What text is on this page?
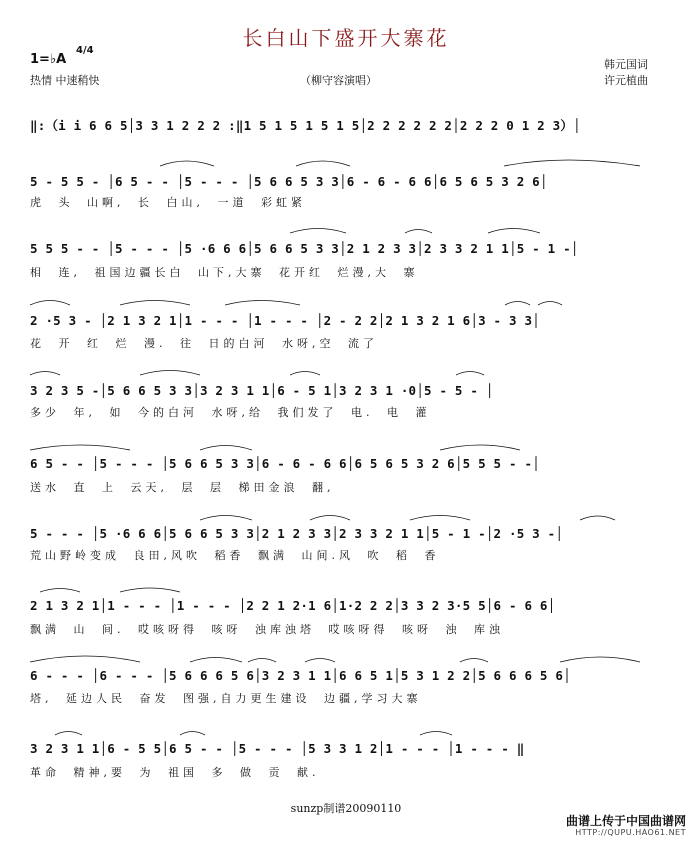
长白山下盛开大寨花
1=♭A
4/4
热情 中速稍快	（柳守容演唱）
韩元国词
许元植曲
‖:（i i 6 6 5│3 3 1 2 2 2 :‖1 5 1 5 1 5 1 5│2 2 2 2 2 2│2 2 2 0 1 2 3）│
5 - 5 5 - │6 5 - - │5 - - - │5 6 6 5 3 3│6 - 6 - 6 6│6 5 6 5 3 2 6│
虎 头 山啊, 长 白山, 一道 彩虹紧
5 5 5 - - │5 - - - │5 ·6 6 6│5 6 6 5 3 3│2 1 2 3 3│2 3 3 2 1 1│5 - 1 -│
相 连, 祖国边疆长白 山下,大寨 花开红 烂漫,大 寨
2 ·5 3 - │2 1 3 2 1│1 - - - │1 - - - │2 - 2 2│2 1 3 2 1 6│3 - 3 3│
花 开 红 烂 漫. 往 日的白河 水呀,空 流了
3 2 3 5 -│5 6 6 5 3 3│3 2 3 1 1│6 - 5 1│3 2 3 1 ·0│5 - 5 - │
多少 年, 如 今的白河 水呀,给 我们发了 电. 电 灌
6 5 - - │5 - - - │5 6 6 5 3 3│6 - 6 - 6 6│6 5 6 5 3 2 6│5 5 5 - -│
送水 直 上 云天, 层 层 梯田金浪 翻,
5 - - - │5 ·6 6 6│5 6 6 5 3 3│2 1 2 3 3│2 3 3 2 1 1│5 - 1 -│2 ·5 3 -│
荒山野岭变成 良田,风吹 稻香 飘满 山间.风 吹 稻 香
2 1 3 2 1│1 - - - │1 - - - │2 2 1 2·1 6│1·2 2 2│3 3 2 3·5 5│6 - 6 6│
飘满 山 间. 哎咳呀得 咳呀 浊库浊塔 哎咳呀得 咳呀 浊 库浊
6 - - - │6 - - - │5 6 6 6 5 6│3 2 3 1 1│6 6 5 1│5 3 1 2 2│5 6 6 6 5 6│
塔, 延边人民 奋发 图强,自力更生建设 边疆,学习大寨
3 2 3 1 1│6 - 5 5│6 5 - - │5 - - - │5 3 3 1 2│1 - - - │1 - - - ‖
革命 精神,要 为 祖国 多 做 贡 献.
sunzp制谱20090110
曲谱上传于中国曲谱网
HTTP://QUPU.HAO61.NET
